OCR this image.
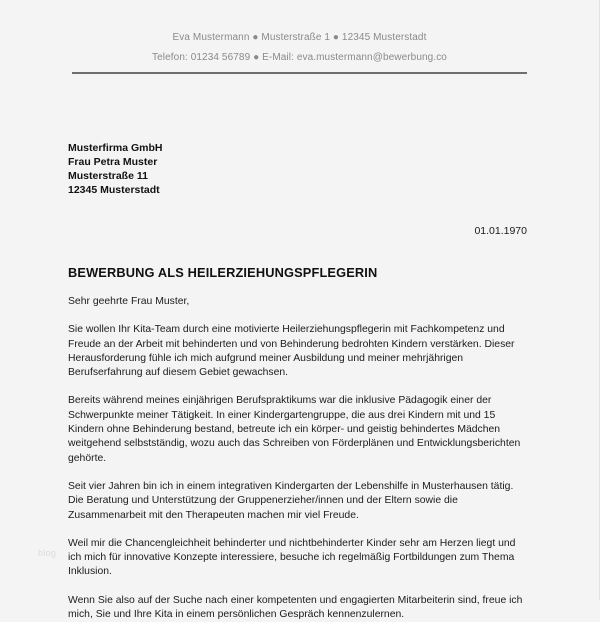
Eva Mustermann ● Musterstraße 1 ● 12345 Musterstadt
Telefon: 01234 56789 ● E-Mail: eva.mustermann@bewerbung.co
Musterfirma GmbH
Frau Petra Muster
Musterstraße 11
12345 Musterstadt
01.01.1970
BEWERBUNG ALS HEILERZIEHUNGSPFLEGERIN

Sehr geehrte Frau Muster,

Sie wollen Ihr Kita-Team durch eine motivierte Heilerziehungspflegerin mit Fachkompetenz und Freude an der Arbeit mit behinderten und von Behinderung bedrohten Kindern verstärken. Dieser Herausforderung fühle ich mich aufgrund meiner Ausbildung und meiner mehrjährigen Berufserfahrung auf diesem Gebiet gewachsen.

Bereits während meines einjährigen Berufspraktikums war die inklusive Pädagogik einer der Schwerpunkte meiner Tätigkeit. In einer Kindergartengruppe, die aus drei Kindern mit und 15 Kindern ohne Behinderung bestand, betreute ich ein körper- und geistig behindertes Mädchen weitgehend selbstständig, wozu auch das Schreiben von Förderplänen und Entwicklungsberichten gehörte.

Seit vier Jahren bin ich in einem integrativen Kindergarten der Lebenshilfe in Musterhausen tätig.
Die Beratung und Unterstützung der Gruppenerzieher/innen und der Eltern sowie die Zusammenarbeit mit den Therapeuten machen mir viel Freude.

Weil mir die Chancengleichheit behinderter und nichtbehinderter Kinder sehr am Herzen liegt und ich mich für innovative Konzepte interessiere, besuche ich regelmäßig Fortbildungen zum Thema Inklusion.

Wenn Sie also auf der Suche nach einer kompetenten und engagierten Mitarbeiterin sind, freue ich mich, Sie und Ihre Kita in einem persönlichen Gespräch kennenzulernen.

blog
